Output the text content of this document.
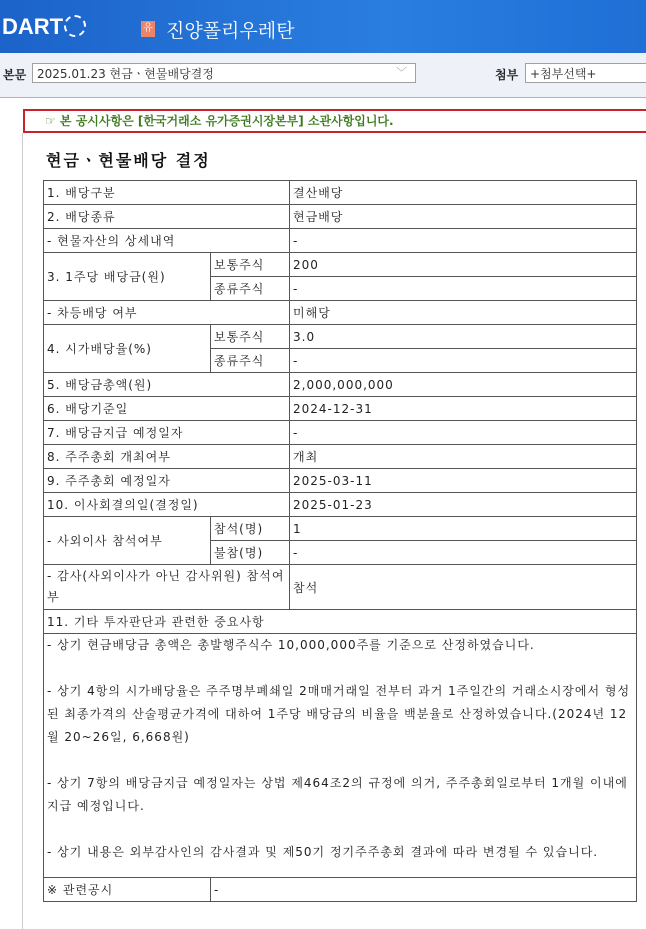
DART	유 진양폴리우레탄
본문 2025.01.23 현금ㆍ현물배당결정	﹀	첨부 +첨부선택+
☞ 본 공시사항은 [한국거래소 유가증권시장본부] 소관사항입니다.
현금ㆍ현물배당 결정
1. 배당구분		결산배당
2. 배당종류		현금배당
- 현물자산의 상세내역		-
3. 1주당 배당금(원)	보통주식	200
	종류주식	-
- 차등배당 여부		미해당
4. 시가배당율(%)	보통주식	3.0
	종류주식	-
5. 배당금총액(원)		2,000,000,000
6. 배당기준일		2024-12-31
7. 배당금지급 예정일자		-
8. 주주총회 개최여부		개최
9. 주주총회 예정일자		2025-03-11
10. 이사회결의일(결정일)		2025-01-23
- 사외이사 참석여부	참석(명)	1
	불참(명)	-
- 감사(사외이사가 아닌 감사위원) 참석여부		참석
11. 기타 투자판단과 관련한 중요사항		
- 상기 현금배당금 총액은 총발행주식수 10,000,000주를 기준으로 산정하였습니다.

- 상기 4항의 시가배당율은 주주명부폐쇄일 2매매거래일 전부터 과거 1주일간의 거래소시장에서 형성된 최종가격의 산술평균가격에 대하여 1주당 배당금의 비율을 백분율로 산정하였습니다.(2024년 12월 20~26일, 6,668원)

- 상기 7항의 배당금지급 예정일자는 상법 제464조2의 규정에 의거, 주주총회일로부터 1개월 이내에 지급 예정입니다.

- 상기 내용은 외부감사인의 감사결과 및 제50기 정기주주총회 결과에 따라 변경될 수 있습니다.		
※ 관련공시	-	
